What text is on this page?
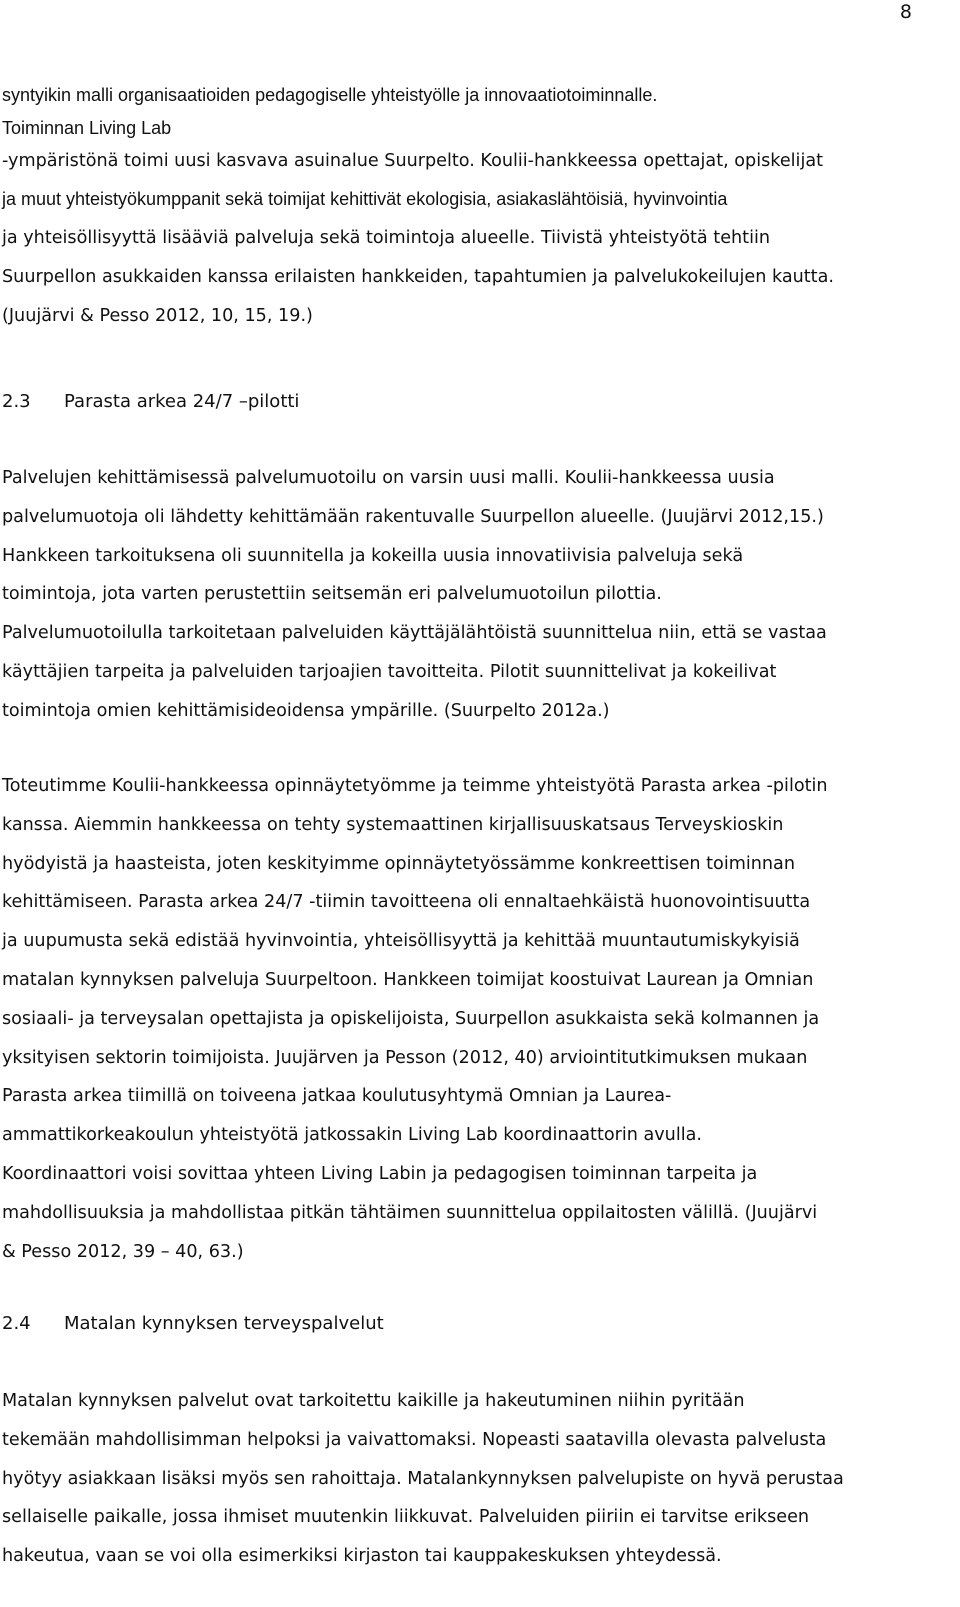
8
syntyikin malli organisaatioiden pedagogiselle yhteistyölle ja innovaatiotoiminnalle.
Toiminnan Living Lab
-ympäristönä toimi uusi kasvava asuinalue Suurpelto. Koulii-hankkeessa opettajat, opiskelijat
ja muut yhteistyökumppanit sekä toimijat kehittivät ekologisia, asiakaslähtöisiä, hyvinvointia
ja yhteisöllisyyttä lisääviä palveluja sekä toimintoja alueelle. Tiivistä yhteistyötä tehtiin
Suurpellon asukkaiden kanssa erilaisten hankkeiden, tapahtumien ja palvelukokeilujen kautta.
(Juujärvi & Pesso 2012, 10, 15, 19.)
2.3 Parasta arkea 24/7 –pilotti
Palvelujen kehittämisessä palvelumuotoilu on varsin uusi malli. Koulii-hankkeessa uusia
palvelumuotoja oli lähdetty kehittämään rakentuvalle Suurpellon alueelle. (Juujärvi 2012,15.)
Hankkeen tarkoituksena oli suunnitella ja kokeilla uusia innovatiivisia palveluja sekä
toimintoja, jota varten perustettiin seitsemän eri palvelumuotoilun pilottia.
Palvelumuotoilulla tarkoitetaan palveluiden käyttäjälähtöistä suunnittelua niin, että se vastaa
käyttäjien tarpeita ja palveluiden tarjoajien tavoitteita. Pilotit suunnittelivat ja kokeilivat
toimintoja omien kehittämisideoidensa ympärille. (Suurpelto 2012a.)
Toteutimme Koulii-hankkeessa opinnäytetyömme ja teimme yhteistyötä Parasta arkea -pilotin
kanssa. Aiemmin hankkeessa on tehty systemaattinen kirjallisuuskatsaus Terveyskioskin
hyödyistä ja haasteista, joten keskityimme opinnäytetyössämme konkreettisen toiminnan
kehittämiseen. Parasta arkea 24/7 -tiimin tavoitteena oli ennaltaehkäistä huonovointisuutta
ja uupumusta sekä edistää hyvinvointia, yhteisöllisyyttä ja kehittää muuntautumiskykyisiä
matalan kynnyksen palveluja Suurpeltoon. Hankkeen toimijat koostuivat Laurean ja Omnian
sosiaali- ja terveysalan opettajista ja opiskelijoista, Suurpellon asukkaista sekä kolmannen ja
yksityisen sektorin toimijoista. Juujärven ja Pesson (2012, 40) arviointitutkimuksen mukaan
Parasta arkea tiimillä on toiveena jatkaa koulutusyhtymä Omnian ja Laurea-
ammattikorkeakoulun yhteistyötä jatkossakin Living Lab koordinaattorin avulla.
Koordinaattori voisi sovittaa yhteen Living Labin ja pedagogisen toiminnan tarpeita ja
mahdollisuuksia ja mahdollistaa pitkän tähtäimen suunnittelua oppilaitosten välillä. (Juujärvi
& Pesso 2012, 39 – 40, 63.)
2.4 Matalan kynnyksen terveyspalvelut
Matalan kynnyksen palvelut ovat tarkoitettu kaikille ja hakeutuminen niihin pyritään
tekemään mahdollisimman helpoksi ja vaivattomaksi. Nopeasti saatavilla olevasta palvelusta
hyötyy asiakkaan lisäksi myös sen rahoittaja. Matalankynnyksen palvelupiste on hyvä perustaa
sellaiselle paikalle, jossa ihmiset muutenkin liikkuvat. Palveluiden piiriin ei tarvitse erikseen
hakeutua, vaan se voi olla esimerkiksi kirjaston tai kauppakeskuksen yhteydessä.
